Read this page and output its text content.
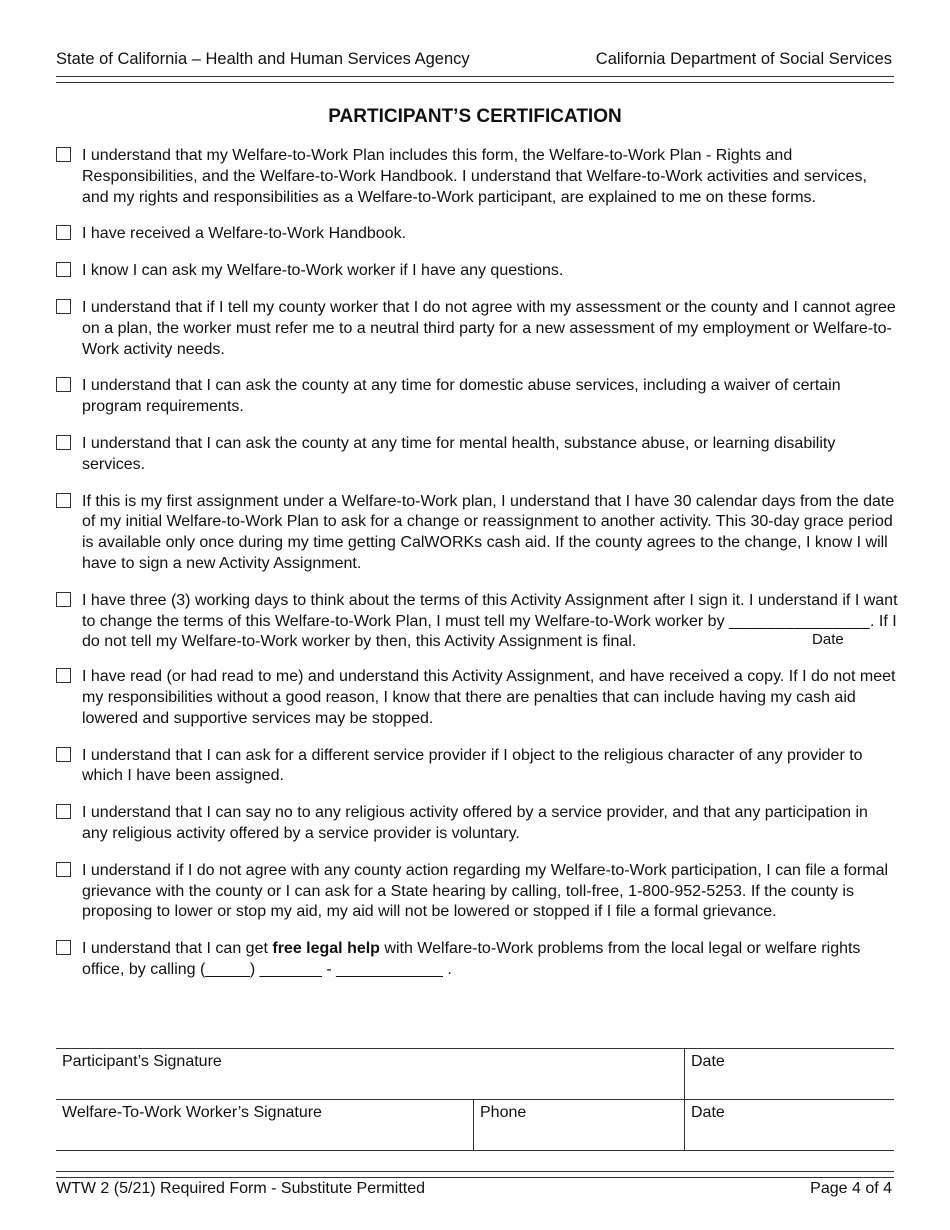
State of California – Health and Human Services Agency	California Department of Social Services
PARTICIPANT’S CERTIFICATION

I understand that my Welfare-to-Work Plan includes this form, the Welfare-to-Work Plan - Rights and Responsibilities, and the Welfare-to-Work Handbook. I understand that Welfare-to-Work activities and services, and my rights and responsibilities as a Welfare-to-Work participant, are explained to me on these forms.

I have received a Welfare-to-Work Handbook.

I know I can ask my Welfare-to-Work worker if I have any questions.

I understand that if I tell my county worker that I do not agree with my assessment or the county and I cannot agree on a plan, the worker must refer me to a neutral third party for a new assessment of my employment or Welfare-to-Work activity needs.

I understand that I can ask the county at any time for domestic abuse services, including a waiver of certain program requirements.

I understand that I can ask the county at any time for mental health, substance abuse, or learning disability services.

If this is my first assignment under a Welfare-to-Work plan, I understand that I have 30 calendar days from the date of my initial Welfare-to-Work Plan to ask for a change or reassignment to another activity. This 30-day grace period is available only once during my time getting CalWORKs cash aid. If the county agrees to the change, I know I will have to sign a new Activity Assignment.

I have three (3) working days to think about the terms of this Activity Assignment after I sign it. I understand if I want to change the terms of this Welfare-to-Work Plan, I must tell my Welfare-to-Work worker by _______________
Date
. If I do not tell my Welfare-to-Work worker by then, this Activity Assignment is final.

I have read (or had read to me) and understand this Activity Assignment, and have received a copy. If I do not meet my responsibilities without a good reason, I know that there are penalties that can include having my cash aid lowered and supportive services may be stopped.

I understand that I can ask for a different service provider if I object to the religious character of any provider to which I have been assigned.

I understand that I can say no to any religious activity offered by a service provider, and that any participation in any religious activity offered by a service provider is voluntary.

I understand if I do not agree with any county action regarding my Welfare-to-Work participation, I can file a formal grievance with the county or I can ask for a State hearing by calling, toll-free, 1-800-952-5253. If the county is proposing to lower or stop my aid, my aid will not be lowered or stopped if I file a formal grievance.

I understand that I can get free legal help with Welfare-to-Work problems from the local legal or welfare rights office, by calling (_____) _______ - ____________ .

Participant’s Signature		Date
Welfare-To-Work Worker’s Signature	Phone	Date
WTW 2 (5/21) Required Form - Substitute Permitted	Page 4 of 4
